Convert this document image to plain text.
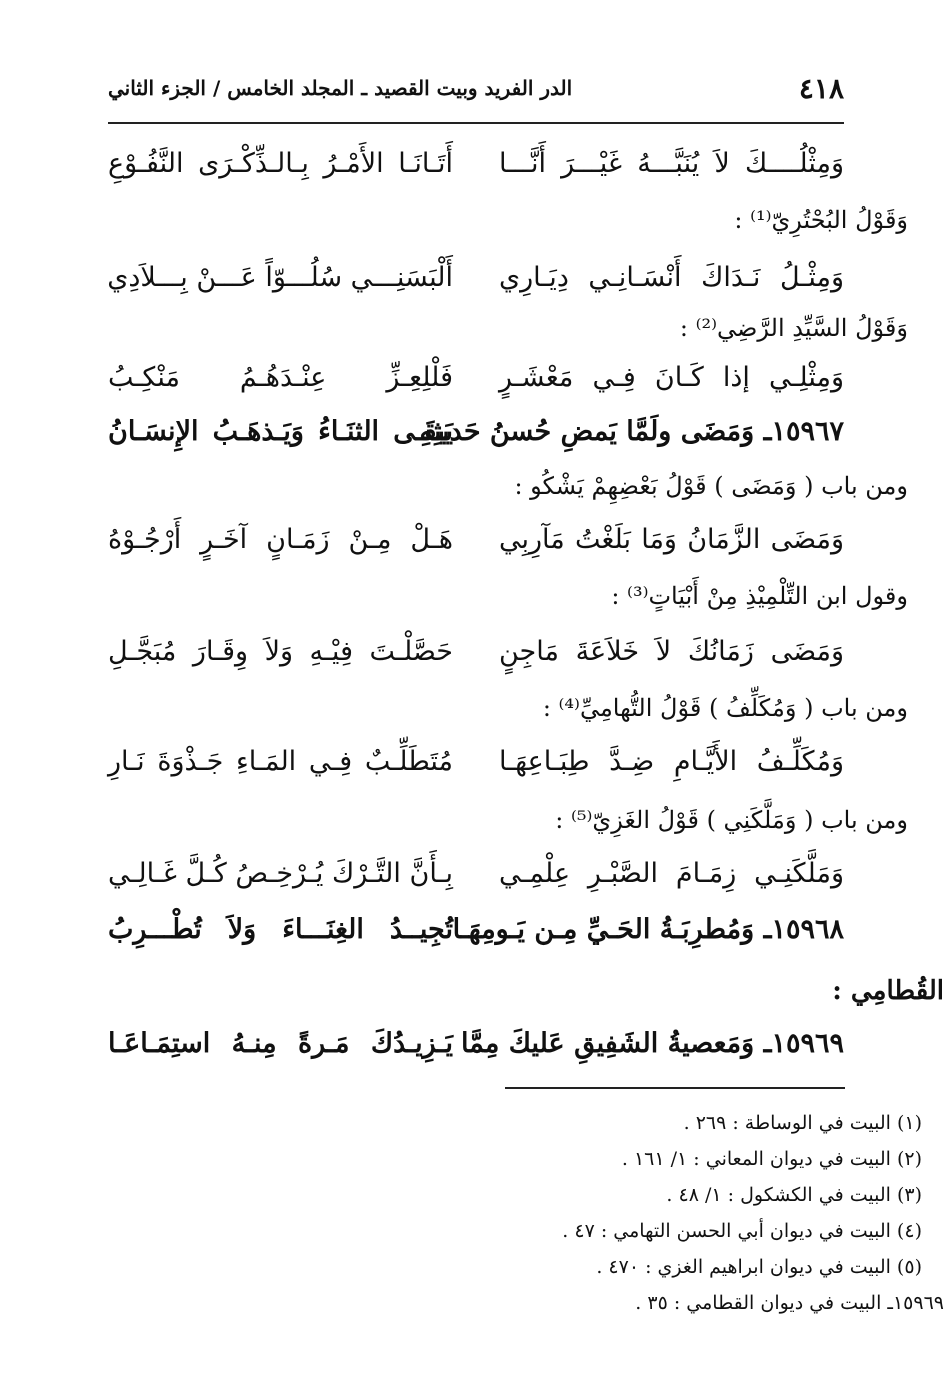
٤١٨
الدر الفريد وبيت القصيد ـ المجلد الخامس / الجزء الثاني
وَمِثْلُــــكَ لاَ يُنَبَّـــهُ غَيْـــرَ أَنَّـــا
أَتَـانَـا الأَمْـرُ بِـالـذِّكْـرَى النَّفُـوْعِ
وَقَوْلُ البُحْتُرِيّ⁽¹⁾ :
وَمِثْـلُ نَـدَاكَ أَنْسَـانِـي دِيَـارِي
أَلْبَسَنِـــي سُلُـــوّاً عَـــنْ بِـــلاَدِي
وَقَوْلُ السَّيِّدِ الرَّضِي⁽²⁾ :
وَمِثْلِـي إذا كَـانَ فِـي مَعْشَـرٍ
فَلْلِعِـزِّ عِنْـدَهُـمُ مَنْكِـبُ
١٥٩٦٧ـ وَمَضَى ولَمَّا يَمضِ حُسنُ حَديثِهِ
يَبقَـى الثنَـاءُ وَيَـذهَـبُ الإِنسَـانُ
ومن باب ( وَمَضَى ) قَوْلُ بَعْضِهِمْ يَشْكُو :
وَمَضَى الزَّمَانُ وَمَا بَلَغْتُ مَآرِبِي
هَـلْ مِـنْ زَمَـانٍ آخَـرٍ أَرْجُـوْهُ
وقول ابن التِّلْمِيْذِ مِنْ أَبْيَاتٍ⁽³⁾ :
وَمَضَى زَمَانُكَ لاَ خَلاَعَةَ مَاجِنٍ
حَصَّلْـتَ فِيْـهِ وَلاَ وِقَـارَ مُبَجَّـلِ
ومن باب ( وَمُكَلِّفُ ) قَوْلُ التُّهامِيِّ⁽⁴⁾ :
وَمُكَلِّـفُ الأَيَّـامِ ضِـدَّ طِبَـاعِهَـا
مُتَطَلِّـبٌ فِـي المَـاءِ جَـذْوَةَ نَـارِ
ومن باب ( وَمَلَّكَنِي ) قَوْلُ الغَزِيّ⁽⁵⁾ :
وَمَلَّكَنِـي زِمَـامَ الصَّبْـرِ عِلْمِـي
بِـأَنَّ التَّـرْكَ يُـرْخِـصُ كُـلَّ غَـالِـي
١٥٩٦٨ـ وَمُطرِبَـةُ الحَـيِّ مِـن يَـومِهَـا
تُجِيــدُ الغِنَـــاءَ وَلاَ تُطْـــرِبُ
القُطامِي :
١٥٩٦٩ـ وَمَعصيةُ الشَفِيقِ عَليكَ مِمَّا
يَـزِيـدُكَ مَـرةً مِنـهُ استِمَـاعَـا
(١) البيت في الوساطة : ٢٦٩ .
(٢) البيت في ديوان المعاني : ١/ ١٦١ .
(٣) البيت في الكشكول : ١/ ٤٨ .
(٤) البيت في ديوان أبي الحسن التهامي : ٤٧ .
(٥) البيت في ديوان ابراهيم الغزي : ٤٧٠ .
١٥٩٦٩ـ البيت في ديوان القطامي : ٣٥ .
